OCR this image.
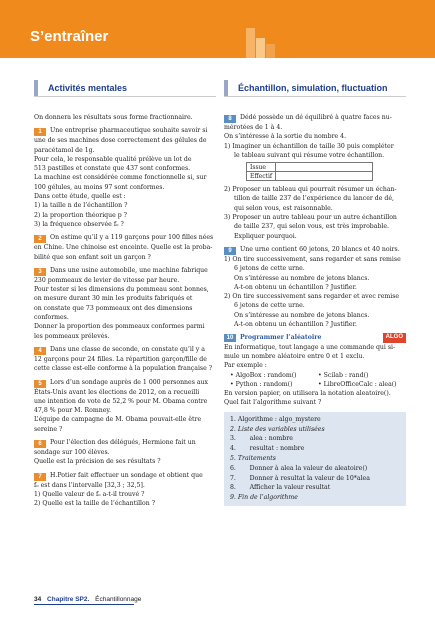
S’entraîner
Activités mentales

On donnera les résultats sous forme fractionnaire.

1 Une entreprise pharmaceutique souhaite savoir si

une de ses machines dose correctement des gélules de

paracétamol de 1g.

Pour cela, le responsable qualité prélève un lot de

513 pastilles et constate que 437 sont conformes.

La machine est considérée comme fonctionnelle si, sur

100 gélules, au moins 97 sont conformes.

Dans cette étude, quelle est :

1) la taille n de l’échantillon ?

2) la proportion théorique p ?

3) la fréquence observée fₒ ?

2 On estime qu’il y a 119 garçons pour 100 filles nées

en Chine. Une chinoise est enceinte. Quelle est la proba-

bilité que son enfant soit un garçon ?

3 Dans une usine automobile, une machine fabrique

230 pommeaux de levier de vitesse par heure.

Pour tester si les dimensions du pommeau sont bonnes,

on mesure durant 30 min les produits fabriqués et

on constate que 73 pommeaux ont des dimensions

conformes.

Donner la proportion des pommeaux conformes parmi

les pommeaux prélevés.

4 Dans une classe de seconde, on constate qu’il y a

12 garçons pour 24 filles. La répartition garçon/fille de

cette classe est-elle conforme à la population française ?

5 Lors d’un sondage auprès de 1 000 personnes aux

États-Unis avant les élections de 2012, on a recueilli

une intention de vote de 52,2 % pour M. Obama contre

47,8 % pour M. Romney.

L’équipe de campagne de M. Obama pouvait-elle être

sereine ?

6 Pour l’élection des délégués, Hermione fait un

sondage sur 100 élèves.

Quelle est la précision de ses résultats ?

7 H.Potier fait effectuer un sondage et obtient que

fₒ est dans l’intervalle [32,3 ; 32,5].

1) Quelle valeur de fₒ a-t-il trouvé ?

2) Quelle est la taille de l’échantillon ?

Échantillon, simulation, fluctuation

8 Dédé possède un dé équilibré à quatre faces nu-

mérotées de 1 à 4.

On s’intéresse à la sortie du nombre 4.

1) Imaginer un échantillon de taille 30 puis compléter

le tableau suivant qui résume votre échantillon.

Issue	
Effectif	

2) Proposer un tableau qui pourrait résumer un échan-

tillon de taille 237 de l’expérience du lancer de dé,

qui selon vous, est raisonnable.

3) Proposer un autre tableau pour un autre échantillon

de taille 237, qui selon vous, est très improbable.

Expliquer pourquoi.

9 Une urne contient 60 jetons, 20 blancs et 40 noirs.

1) On tire successivement, sans regarder et sans remise

6 jetons de cette urne.

On s’intéresse au nombre de jetons blancs.

A-t-on obtenu un échantillon ? Justifier.

2) On tire successivement sans regarder et avec remise

6 jetons de cette urne.

On s’intéresse au nombre de jetons blancs.

A-t-on obtenu un échantillon ? Justifier.

10	Programmer l’aléatoire	ALGO

En informatique, tout langage a une commande qui si-

mule un nombre aléatoire entre 0 et 1 exclu.

Par exemple :

• AlgoBox : random()	• Scilab : rand()

• Python : random()	• LibreOfficeCalc : alea()

En version papier, on utilisera la notation aleatoire().

Quel fait l’algorithme suivant ?

1. Algorithme : algo_mystere

2. Liste des variables utilisées

3.       alea : nombre

4.       resultat : nombre

5. Traitements

6.       Donner à alea la valeur de aleatoire()

7.       Donner à resultat la valeur de 10*alea

8.       Afficher la valeur resultat

9. Fin de l’algorithme

34 Chapitre SP2. Échantillonnage
